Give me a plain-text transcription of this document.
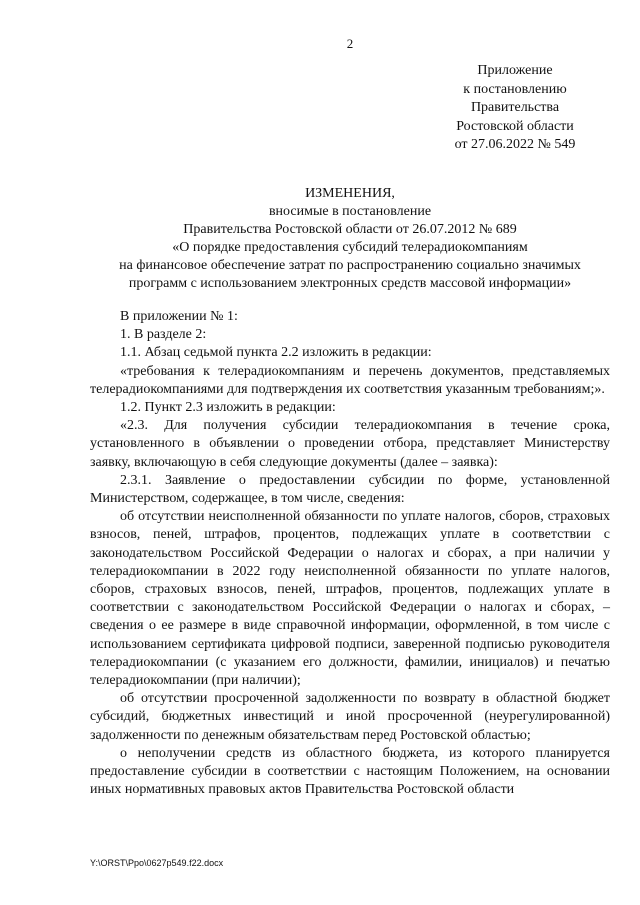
2
Приложение
к постановлению
Правительства
Ростовской области
от 27.06.2022 № 549
ИЗМЕНЕНИЯ,
вносимые в постановление
Правительства Ростовской области от 26.07.2012 № 689
«О порядке предоставления субсидий телерадиокомпаниям
на финансовое обеспечение затрат по распространению социально значимых
программ с использованием электронных средств массовой информации»
В приложении № 1:
1. В разделе 2:
1.1. Абзац седьмой пункта 2.2 изложить в редакции:
«требования к телерадиокомпаниям и перечень документов, представляемых телерадиокомпаниями для подтверждения их соответствия указанным требованиям;».
1.2. Пункт 2.3 изложить в редакции:
«2.3. Для получения субсидии телерадиокомпания в течение срока, установленного в объявлении о проведении отбора, представляет Министерству заявку, включающую в себя следующие документы (далее – заявка):
2.3.1. Заявление о предоставлении субсидии по форме, установленной Министерством, содержащее, в том числе, сведения:
об отсутствии неисполненной обязанности по уплате налогов, сборов, страховых взносов, пеней, штрафов, процентов, подлежащих уплате в соответствии с законодательством Российской Федерации о налогах и сборах, а при наличии у телерадиокомпании в 2022 году неисполненной обязанности по уплате налогов, сборов, страховых взносов, пеней, штрафов, процентов, подлежащих уплате в соответствии с законодательством Российской Федерации о налогах и сборах, – сведения о ее размере в виде справочной информации, оформленной, в том числе с использованием сертификата цифровой подписи, заверенной подписью руководителя телерадиокомпании (с указанием его должности, фамилии, инициалов) и печатью телерадиокомпании (при наличии);
об отсутствии просроченной задолженности по возврату в областной бюджет субсидий, бюджетных инвестиций и иной просроченной (неурегулированной) задолженности по денежным обязательствам перед Ростовской областью;
о неполучении средств из областного бюджета, из которого планируется предоставление субсидии в соответствии с настоящим Положением, на основании иных нормативных правовых актов Правительства Ростовской области
Y:\ORST\Ppo\0627p549.f22.docx
